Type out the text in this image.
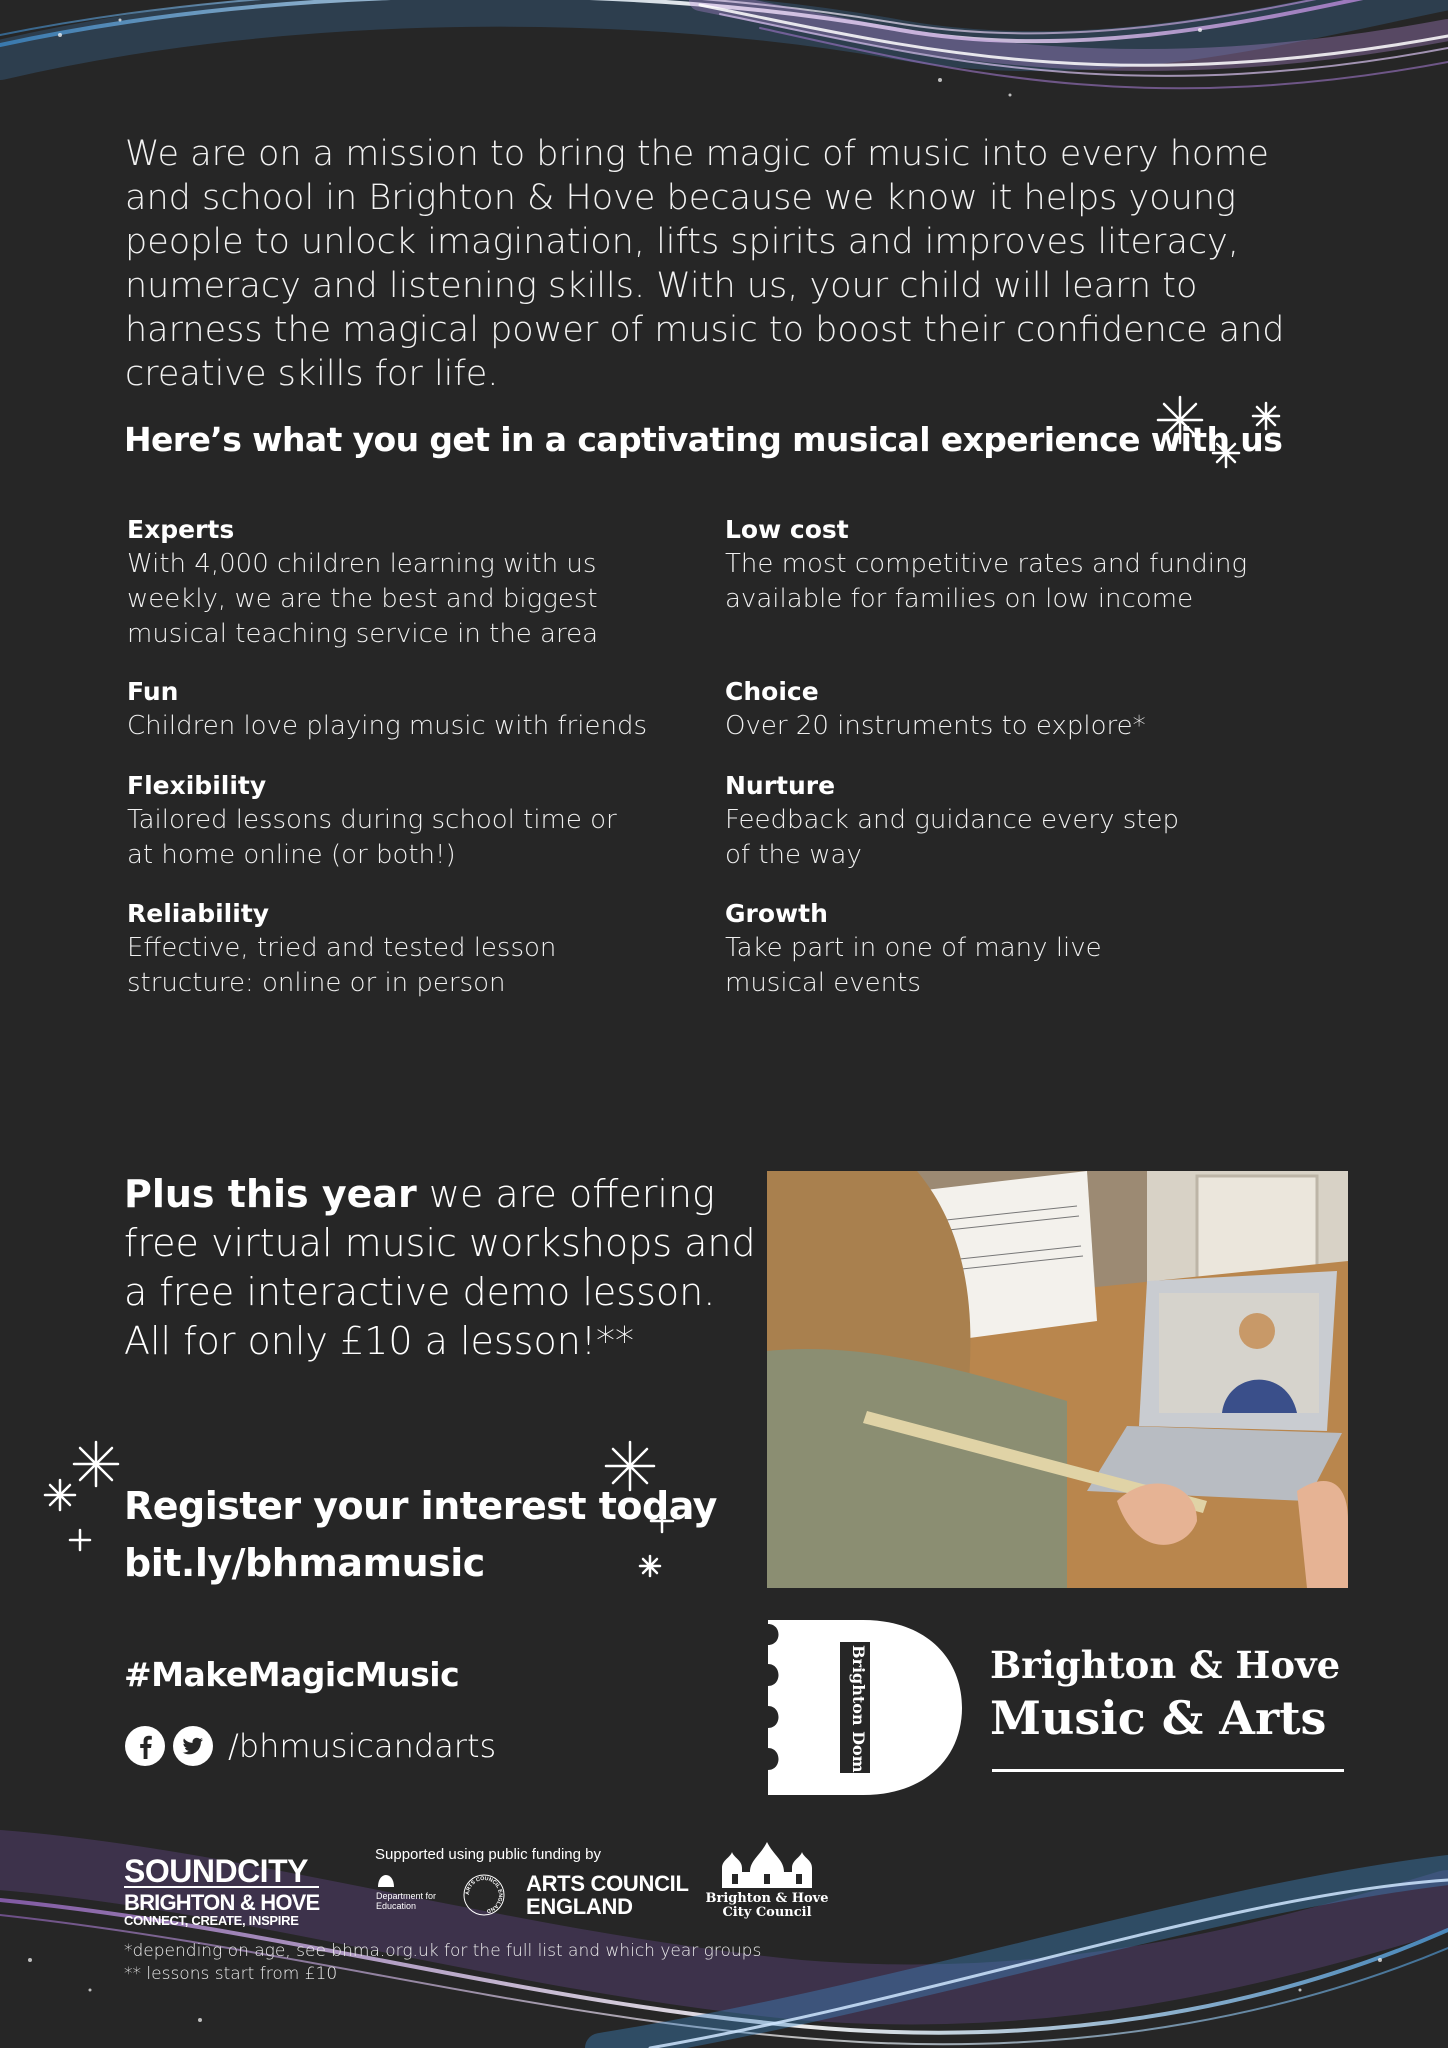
We are on a mission to bring the magic of music into every home and school in Brighton & Hove because we know it helps young people to unlock imagination, lifts spirits and improves literacy, numeracy and listening skills. With us, your child will learn to harness the magical power of music to boost their confidence and creative skills for life.
Here’s what you get in a captivating musical experience with us
Experts
With 4,000 children learning with us weekly, we are the best and biggest musical teaching service in the area
Low cost
The most competitive rates and funding available for families on low income
Fun
Children love playing music with friends
Choice
Over 20 instruments to explore*
Flexibility
Tailored lessons during school time or at home online (or both!)
Nurture
Feedback and guidance every step of the way
Reliability
Effective, tried and tested lesson structure: online or in person
Growth
Take part in one of many live musical events
Plus this year we are offering free virtual music workshops and a free interactive demo lesson. All for only £10 a lesson!**
Register your interest today
bit.ly/bhmamusic
#MakeMagicMusic
/bhmusicandarts	Brighton Dome	Brighton & Hove
Music & Arts
SOUNDCITY
BRIGHTON & HOVE
CONNECT, CREATE, INSPIRE
Supported using public funding by
Department for Education
ARTS COUNCIL ENGLAND
ARTS COUNCIL
ENGLAND	Brighton & Hove
City Council
*depending on age, see bhma.org.uk for the full list and which year groups
** lessons start from £10
